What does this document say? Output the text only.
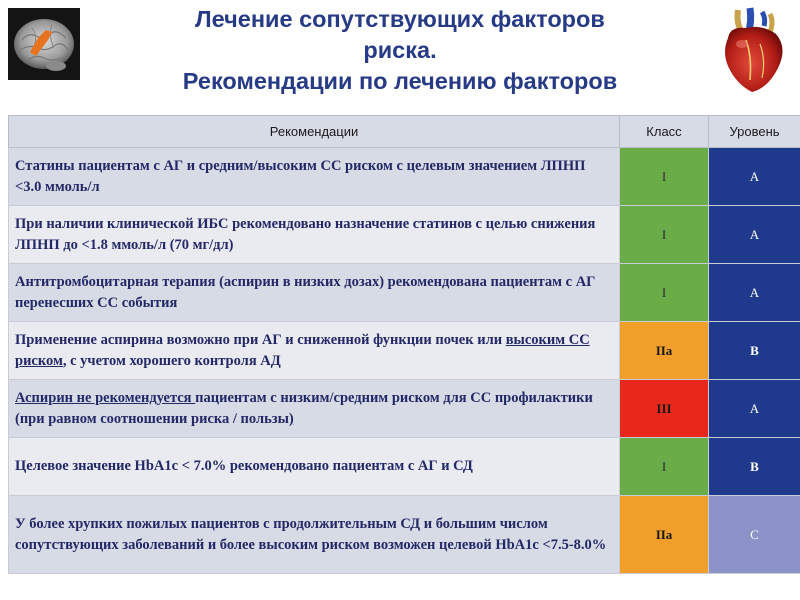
Лечение сопутствующих факторов
риска.
Рекомендации по лечению факторов
Рекомендации	Класс	Уровень
Статины пациентам с АГ и средним/высоким СС риском с целевым значением ЛПНП <3.0 ммоль/л	I	A
При наличии клинической ИБС рекомендовано назначение статинов с целью снижения ЛПНП до <1.8 ммоль/л (70 мг/дл)	I	A
Антитромбоцитарная терапия (аспирин в низких дозах) рекомендована пациентам с АГ перенесших СС события	I	A
Применение аспирина возможно при АГ и сниженной функции почек или высоким СС риском, с учетом хорошего контроля АД	IIa	B
Аспирин не рекомендуется пациентам с низким/средним риском для СС профилактики (при равном соотношении риска / пользы)	III	A
Целевое значение HbA1c < 7.0% рекомендовано пациентам с АГ и СД	I	B
У более хрупких пожилых пациентов с продолжительным СД и большим числом сопутствующих заболеваний и более высоким риском возможен целевой HbA1c <7.5-8.0%	IIa	C
